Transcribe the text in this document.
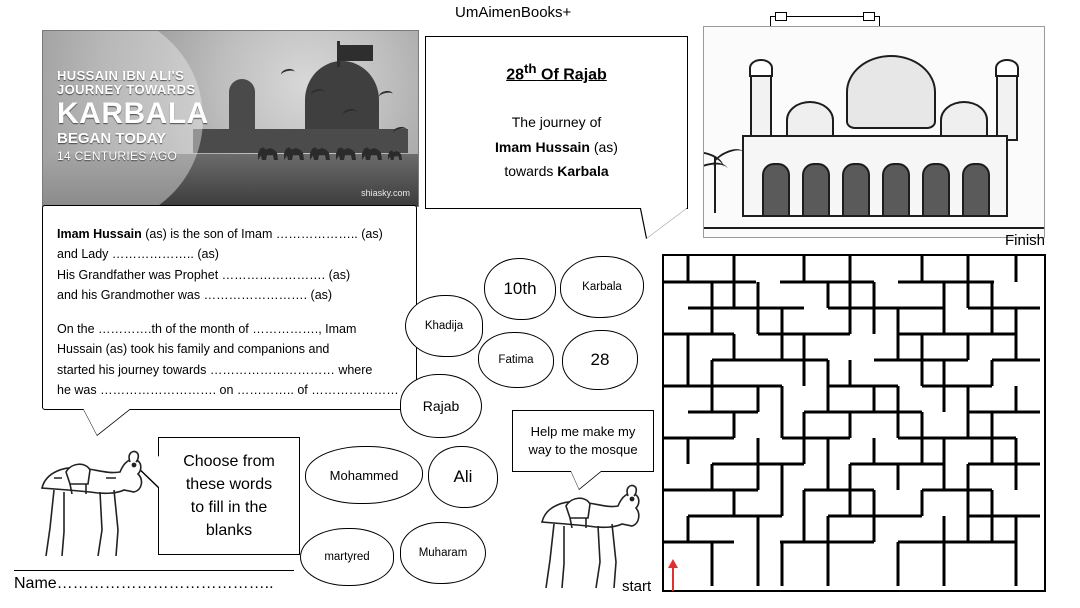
HUSSAIN IBN ALI'S
JOURNEY TOWARDS
KARBALA
BEGAN TODAY
14 CENTURIES AGO
shiasky.com
Imam Hussain (as) is the son of Imam ……………….. (as)
and Lady ……………….. (as)
His Grandfather was Prophet ……………………. (as)
and his Grandmother was ……………………. (as)
On the ………….th of the month of ……………., Imam
Hussain (as) took his family and companions and
started his journey towards ………………………… where
he was ………………………. on ………….. of …………………
UmAimenBooks+
28th Of Rajab
The journey of
Imam Hussain (as)
towards Karbala
Finish
start
Khadija
10th	Karbala
Fatima	28
Rajab
Mohammed	Ali
martyred	Muharam
Help me make my
way to the mosque
Choose from
these words
to fill in the
blanks
Name…………………………………..
